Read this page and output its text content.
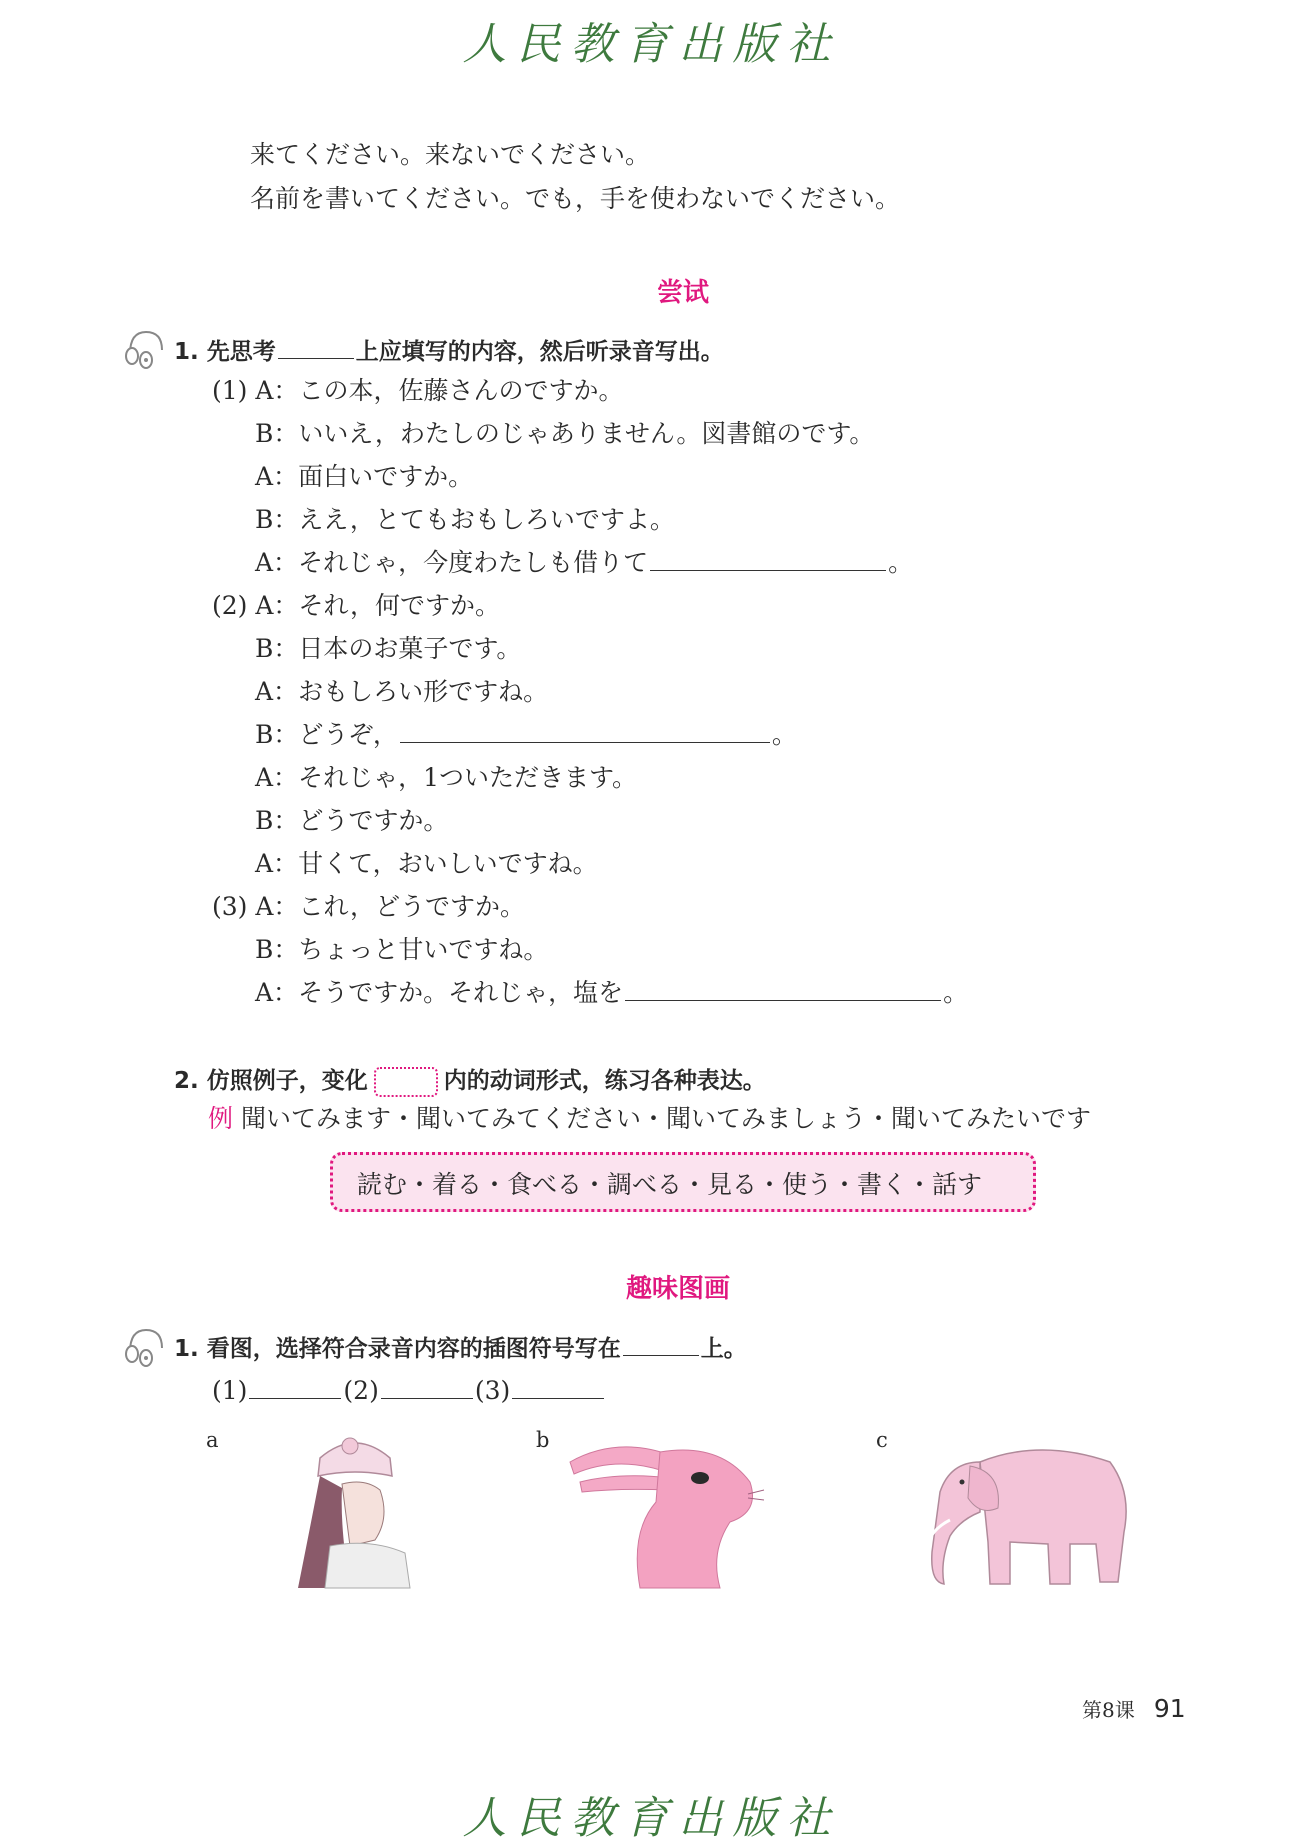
人民教育出版社
来てください。来ないでください。
名前を書いてください。でも，手を使わないでください。
尝试
1. 先思考	上应填写的内容，然后听录音写出。
(1) A：この本，佐藤さんのですか。
B：いいえ，わたしのじゃありません。図書館のです。
A：面白いですか。
B：ええ，とてもおもしろいですよ。
A：それじゃ，今度わたしも借りて	。
(2) A：それ，何ですか。
B：日本のお菓子です。
A：おもしろい形ですね。
B：どうぞ，	。
A：それじゃ，1ついただきます。
B：どうですか。
A：甘くて，おいしいですね。
(3) A：これ，どうですか。
B：ちょっと甘いですね。
A：そうですか。それじゃ，塩を	。
2. 仿照例子，变化	内的动词形式，练习各种表达。
例 聞いてみます・聞いてみてください・聞いてみましょう・聞いてみたいです
読む・着る・食べる・調べる・見る・使う・書く・話す
趣味图画
1. 看图，选择符合录音内容的插图符号写在	上。
(1)	(2)	(3)
a	b	c
第8课 91
人民教育出版社
